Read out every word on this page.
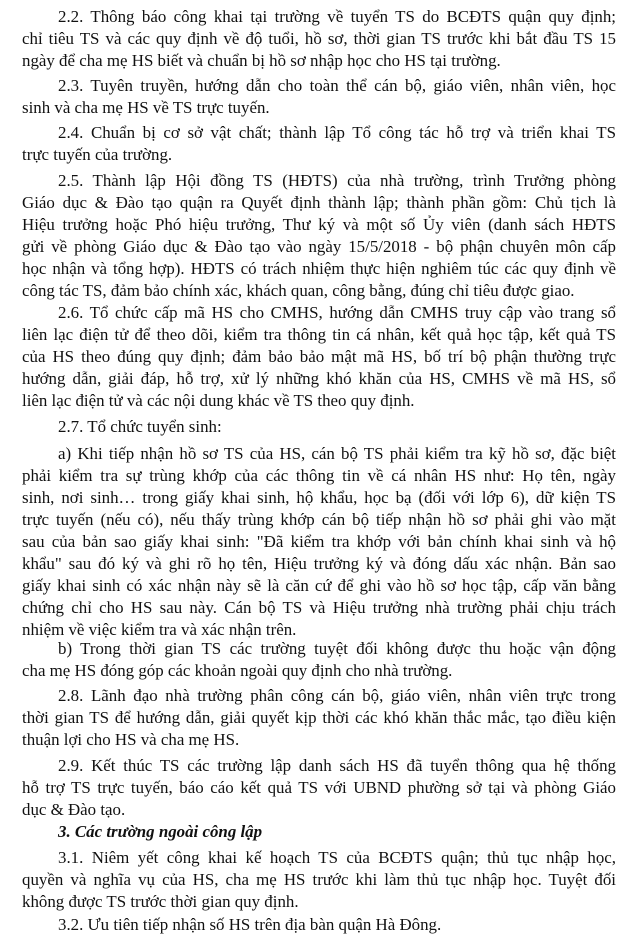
2.2. Thông báo công khai tại trường về tuyển TS do BCĐTS quận quy định;
chỉ tiêu TS và các quy định về độ tuổi, hồ sơ, thời gian TS trước khi bắt đầu TS 15
ngày để cha mẹ HS biết và chuẩn bị hồ sơ nhập học cho HS tại trường.

2.3. Tuyên truyền, hướng dẫn cho toàn thể cán bộ, giáo viên, nhân viên, học
sinh và cha mẹ HS về TS trực tuyến.

2.4. Chuẩn bị cơ sở vật chất; thành lập Tổ công tác hỗ trợ và triển khai TS
trực tuyến của trường.

2.5. Thành lập Hội đồng TS (HĐTS) của nhà trường, trình Trưởng phòng
Giáo dục & Đào tạo quận ra Quyết định thành lập; thành phần gồm: Chủ tịch là
Hiệu trưởng hoặc Phó hiệu trưởng, Thư ký và một số Ủy viên (danh sách HĐTS
gửi về phòng Giáo dục & Đào tạo vào ngày 15/5/2018 - bộ phận chuyên môn cấp
học nhận và tổng hợp). HĐTS có trách nhiệm thực hiện nghiêm túc các quy định về
công tác TS, đảm bảo chính xác, khách quan, công bằng, đúng chỉ tiêu được giao.

2.6. Tổ chức cấp mã HS cho CMHS, hướng dẫn CMHS truy cập vào trang sổ
liên lạc điện tử để theo dõi, kiểm tra thông tin cá nhân, kết quả học tập, kết quả TS
của HS theo đúng quy định; đảm bảo bảo mật mã HS, bố trí bộ phận thường trực
hướng dẫn, giải đáp, hỗ trợ, xử lý những khó khăn của HS, CMHS về mã HS, sổ
liên lạc điện tử và các nội dung khác về TS theo quy định.

2.7. Tổ chức tuyển sinh:

a) Khi tiếp nhận hồ sơ TS của HS, cán bộ TS phải kiểm tra kỹ hồ sơ, đặc biệt
phải kiểm tra sự trùng khớp của các thông tin về cá nhân HS như: Họ tên, ngày
sinh, nơi sinh… trong giấy khai sinh, hộ khẩu, học bạ (đối với lớp 6), dữ kiện TS
trực tuyến (nếu có), nếu thấy trùng khớp cán bộ tiếp nhận hồ sơ phải ghi vào mặt
sau của bản sao giấy khai sinh: "Đã kiểm tra khớp với bản chính khai sinh và hộ
khẩu" sau đó ký và ghi rõ họ tên, Hiệu trưởng ký và đóng dấu xác nhận. Bản sao
giấy khai sinh có xác nhận này sẽ là căn cứ để ghi vào hồ sơ học tập, cấp văn bằng
chứng chỉ cho HS sau này. Cán bộ TS và Hiệu trưởng nhà trường phải chịu trách
nhiệm về việc kiểm tra và xác nhận trên.

b) Trong thời gian TS các trường tuyệt đối không được thu hoặc vận động
cha mẹ HS đóng góp các khoản ngoài quy định cho nhà trường.

2.8. Lãnh đạo nhà trường phân công cán bộ, giáo viên, nhân viên trực trong
thời gian TS để hướng dẫn, giải quyết kịp thời các khó khăn thắc mắc, tạo điều kiện
thuận lợi cho HS và cha mẹ HS.

2.9. Kết thúc TS các trường lập danh sách HS đã tuyển thông qua hệ thống
hỗ trợ TS trực tuyến, báo cáo kết quả TS với UBND phường sở tại và phòng Giáo
dục & Đào tạo.

3. Các trường ngoài công lập

3.1. Niêm yết công khai kế hoạch TS của BCĐTS quận; thủ tục nhập học,
quyền và nghĩa vụ của HS, cha mẹ HS trước khi làm thủ tục nhập học. Tuyệt đối
không được TS trước thời gian quy định.

3.2. Ưu tiên tiếp nhận số HS trên địa bàn quận Hà Đông.
